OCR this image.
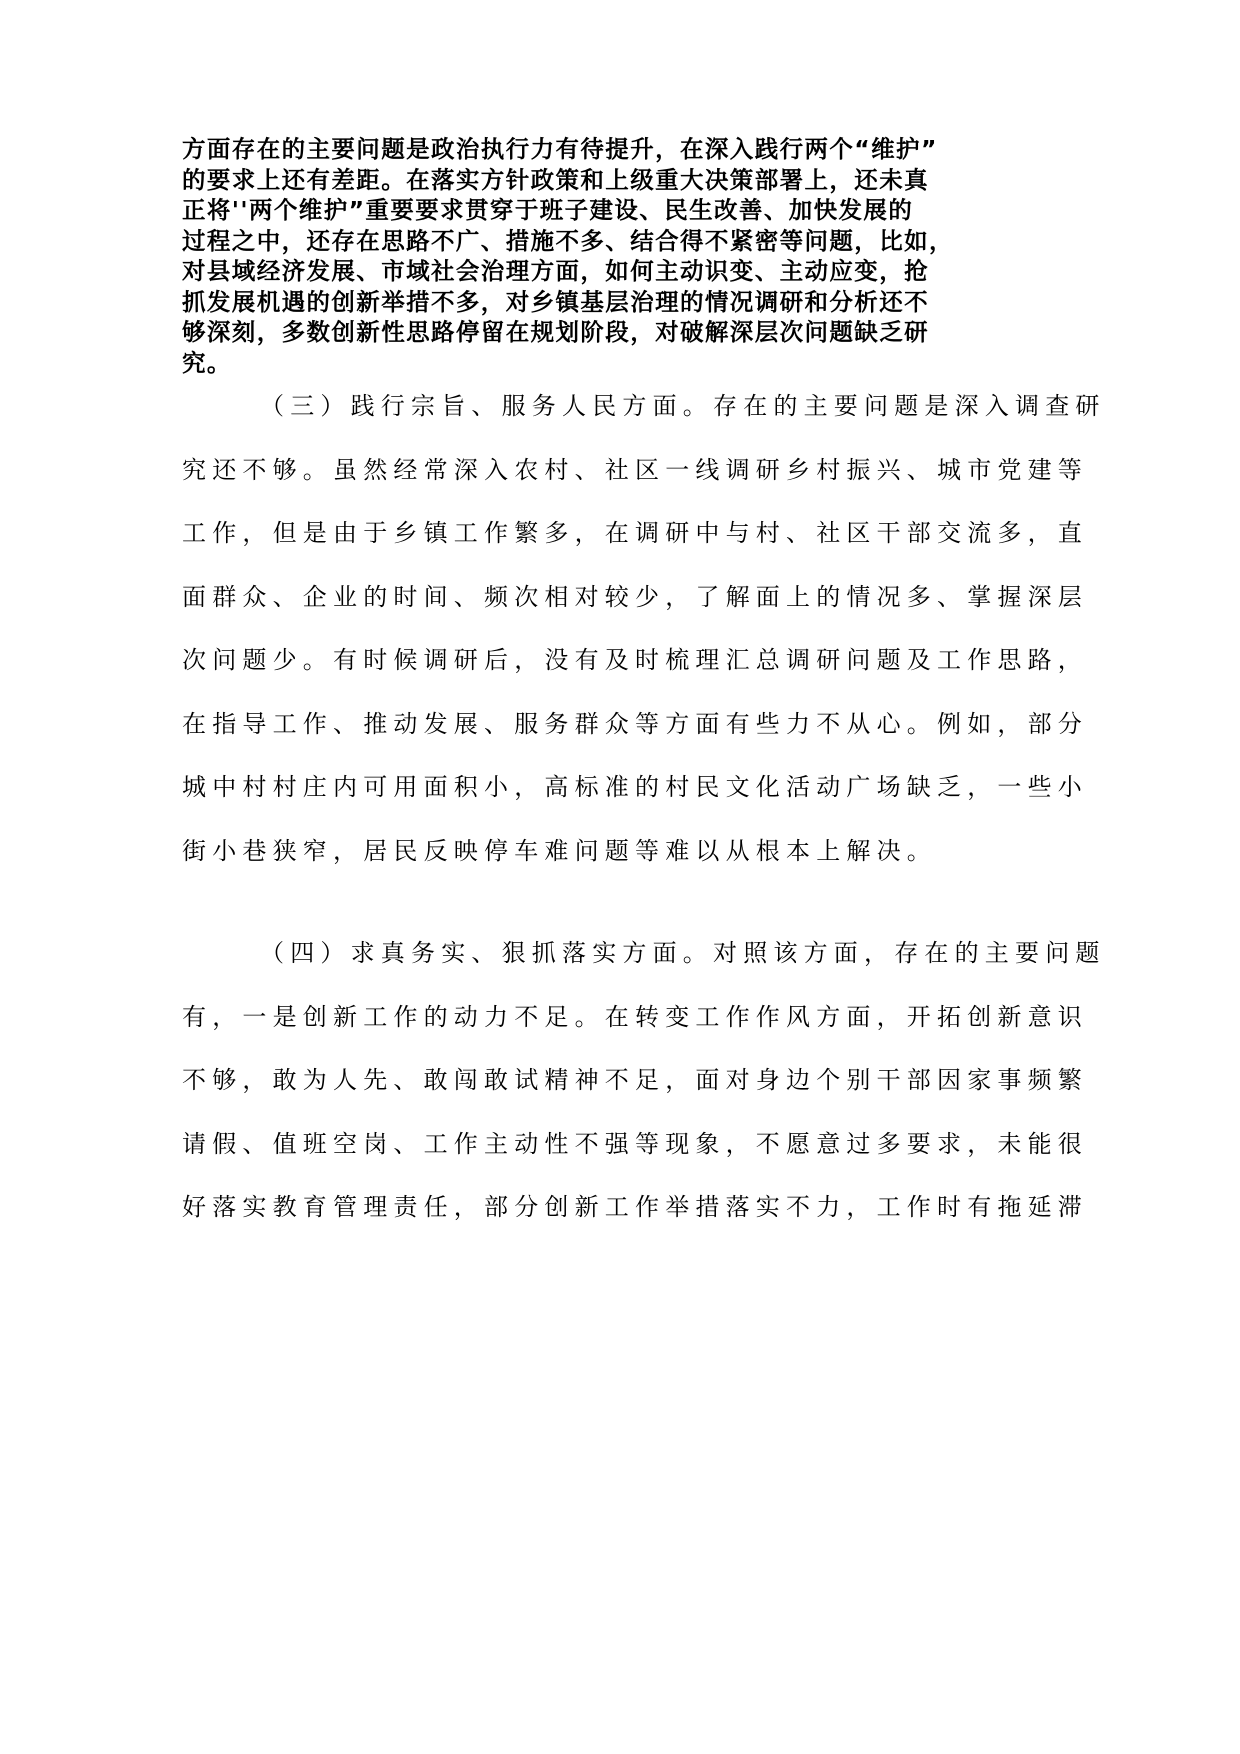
方面存在的主要问题是政治执行力有待提升，在深入践行两个“维护”
的要求上还有差距。在落实方针政策和上级重大决策部署上，还未真
正将''两个维护”重要要求贯穿于班子建设、民生改善、加快发展的
过程之中，还存在思路不广、措施不多、结合得不紧密等问题，比如，
对县域经济发展、市域社会治理方面，如何主动识变、主动应变，抢
抓发展机遇的创新举措不多，对乡镇基层治理的情况调研和分析还不
够深刻，多数创新性思路停留在规划阶段，对破解深层次问题缺乏研
究。
（三）践行宗旨、服务人民方面。存在的主要问题是深入调查研
究还不够。虽然经常深入农村、社区一线调研乡村振兴、城市党建等
工作，但是由于乡镇工作繁多，在调研中与村、社区干部交流多，直
面群众、企业的时间、频次相对较少，了解面上的情况多、掌握深层
次问题少。有时候调研后，没有及时梳理汇总调研问题及工作思路，
在指导工作、推动发展、服务群众等方面有些力不从心。例如，部分
城中村村庄内可用面积小，高标准的村民文化活动广场缺乏，一些小
街小巷狭窄，居民反映停车难问题等难以从根本上解决。
（四）求真务实、狠抓落实方面。对照该方面，存在的主要问题
有，一是创新工作的动力不足。在转变工作作风方面，开拓创新意识
不够，敢为人先、敢闯敢试精神不足，面对身边个别干部因家事频繁
请假、值班空岗、工作主动性不强等现象，不愿意过多要求，未能很
好落实教育管理责任，部分创新工作举措落实不力，工作时有拖延滞
